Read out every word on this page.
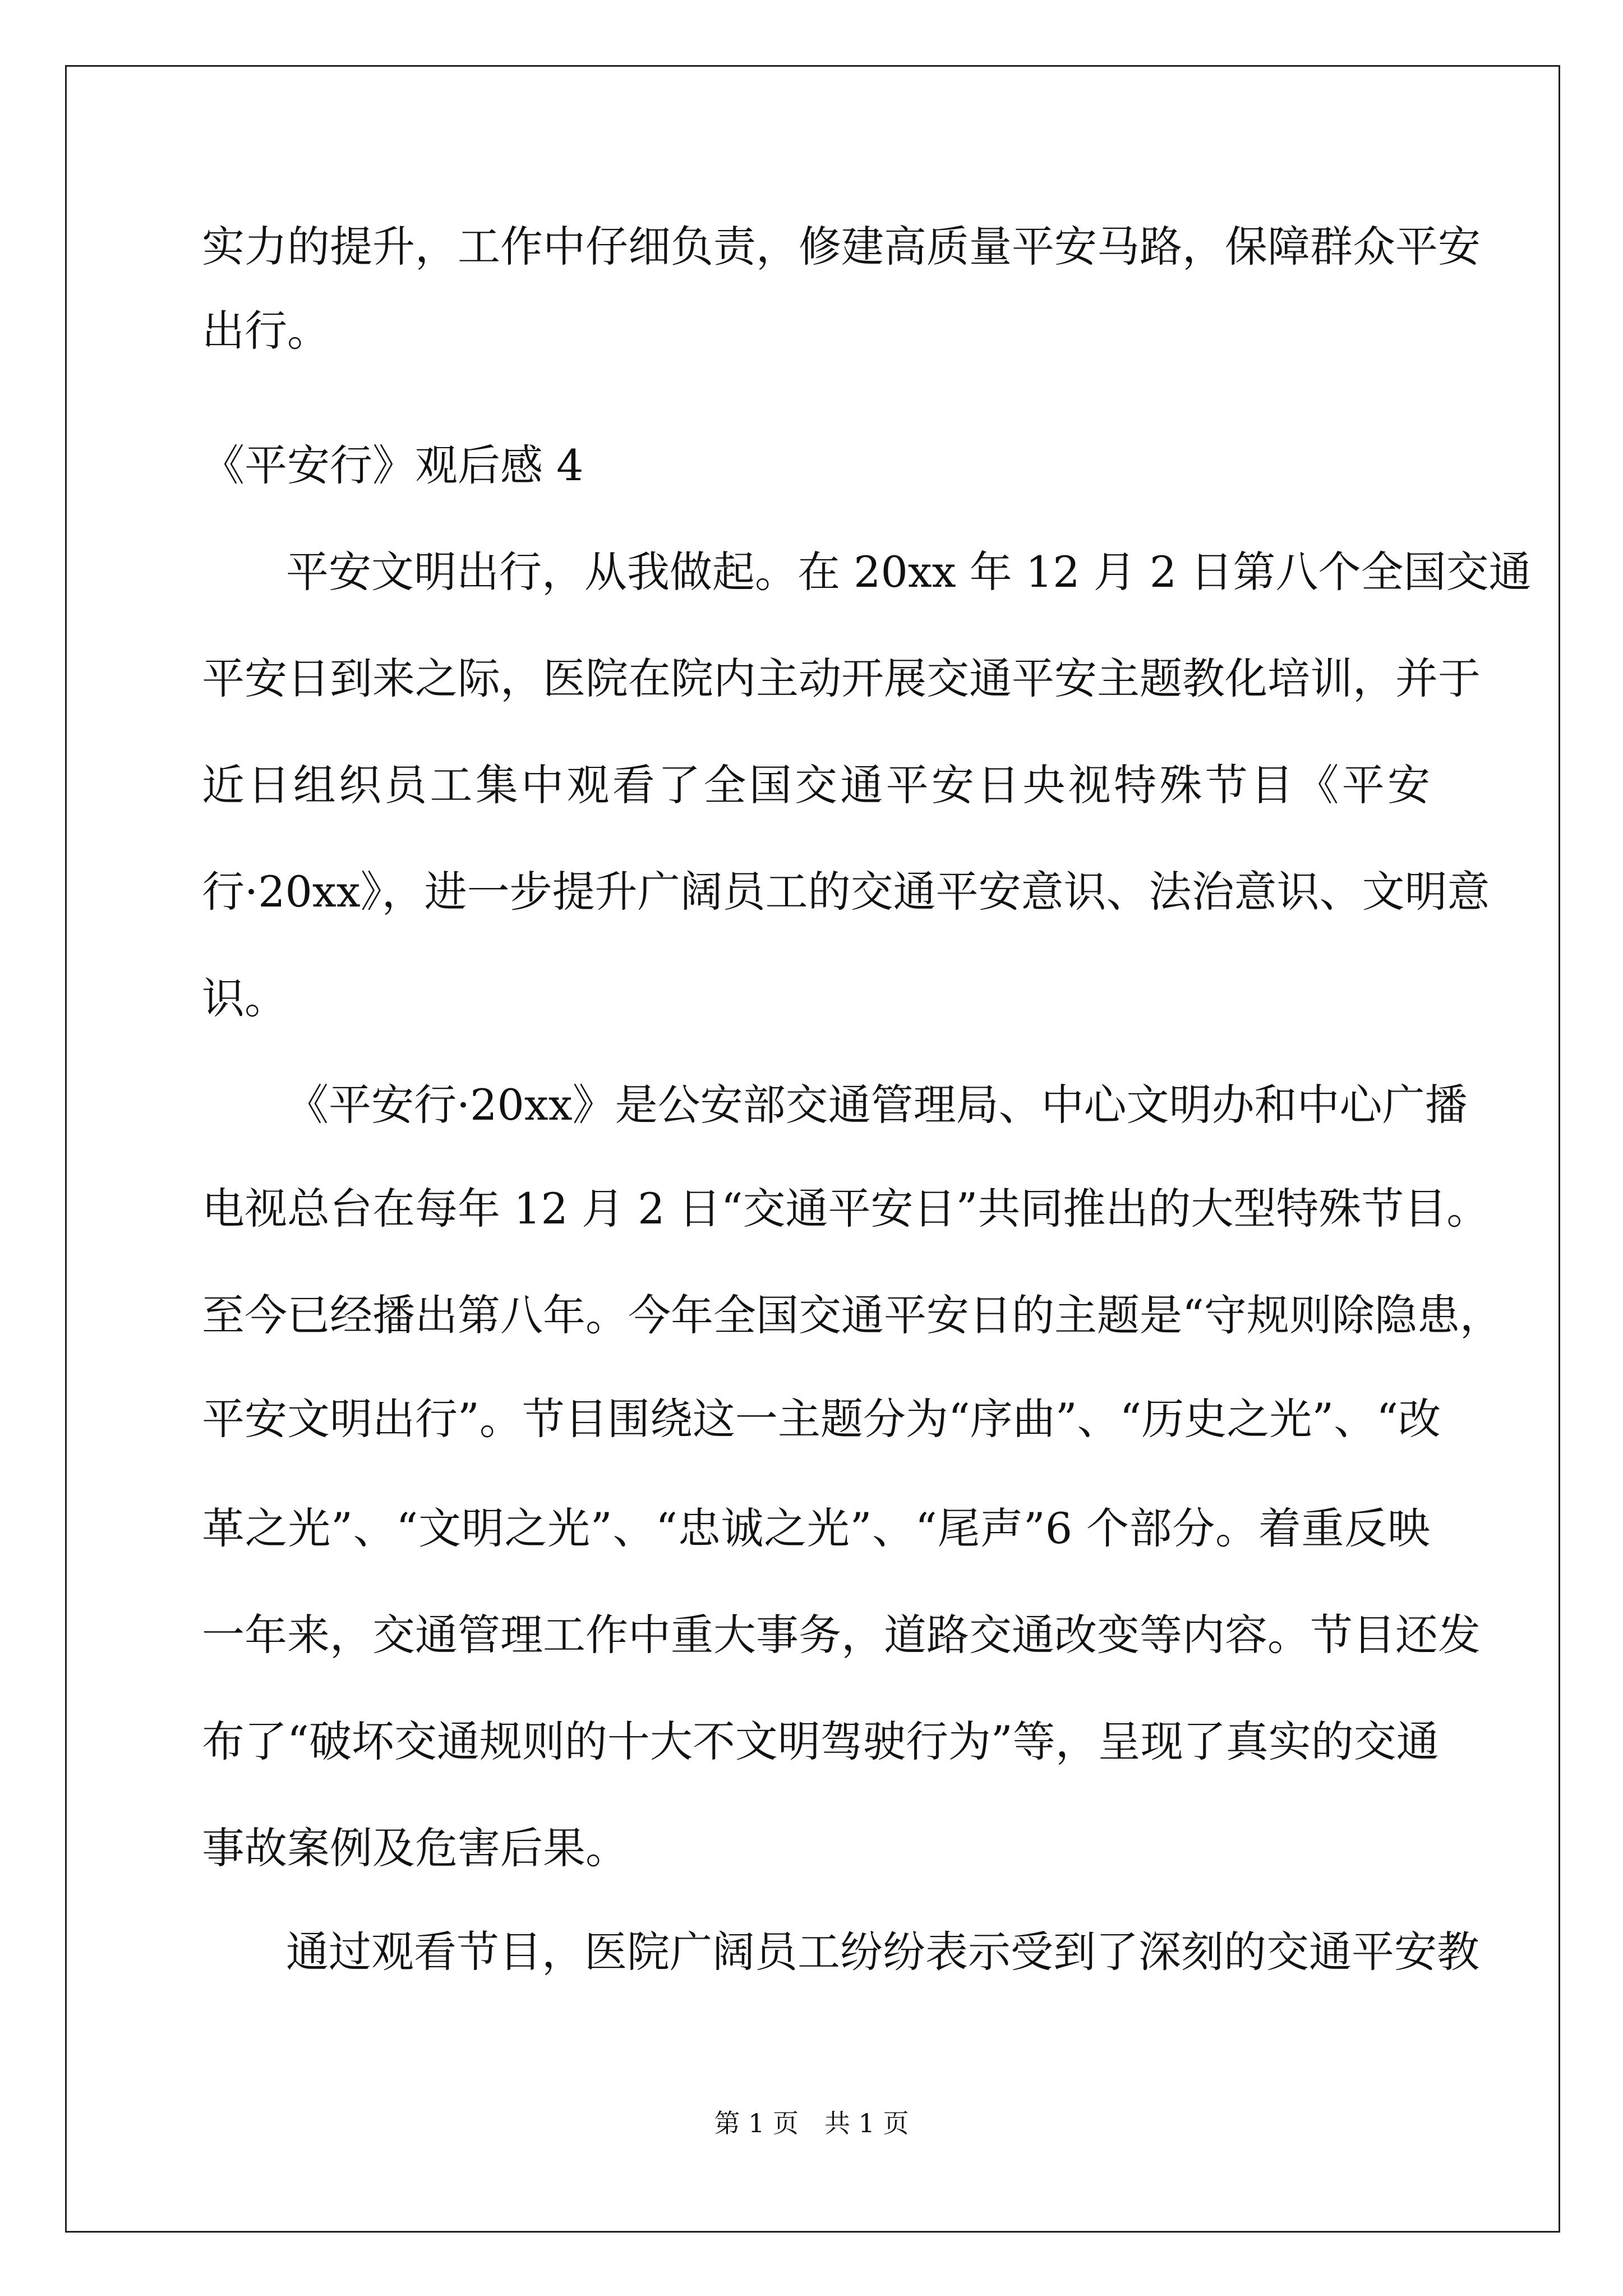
实力的提升，工作中仔细负责，修建高质量平安马路，保障群众平安

出行。

《平安行》观后感 4

平安文明出行，从我做起。在 20xx 年 12 月 2 日第八个全国交通

平安日到来之际，医院在院内主动开展交通平安主题教化培训，并于

近日组织员工集中观看了全国交通平安日央视特殊节目《平安

行·20xx》，进一步提升广阔员工的交通平安意识、法治意识、文明意

识。

《平安行·20xx》是公安部交通管理局、中心文明办和中心广播

电视总台在每年 12 月 2 日“交通平安日”共同推出的大型特殊节目。

至今已经播出第八年。今年全国交通平安日的主题是“守规则除隐患，

平安文明出行”。节目围绕这一主题分为“序曲”、“历史之光”、“改

革之光”、“文明之光”、“忠诚之光”、“尾声”6 个部分。着重反映

一年来，交通管理工作中重大事务，道路交通改变等内容。节目还发

布了“破坏交通规则的十大不文明驾驶行为”等，呈现了真实的交通

事故案例及危害后果。

通过观看节目，医院广阔员工纷纷表示受到了深刻的交通平安教

第 1 页　共 1 页
